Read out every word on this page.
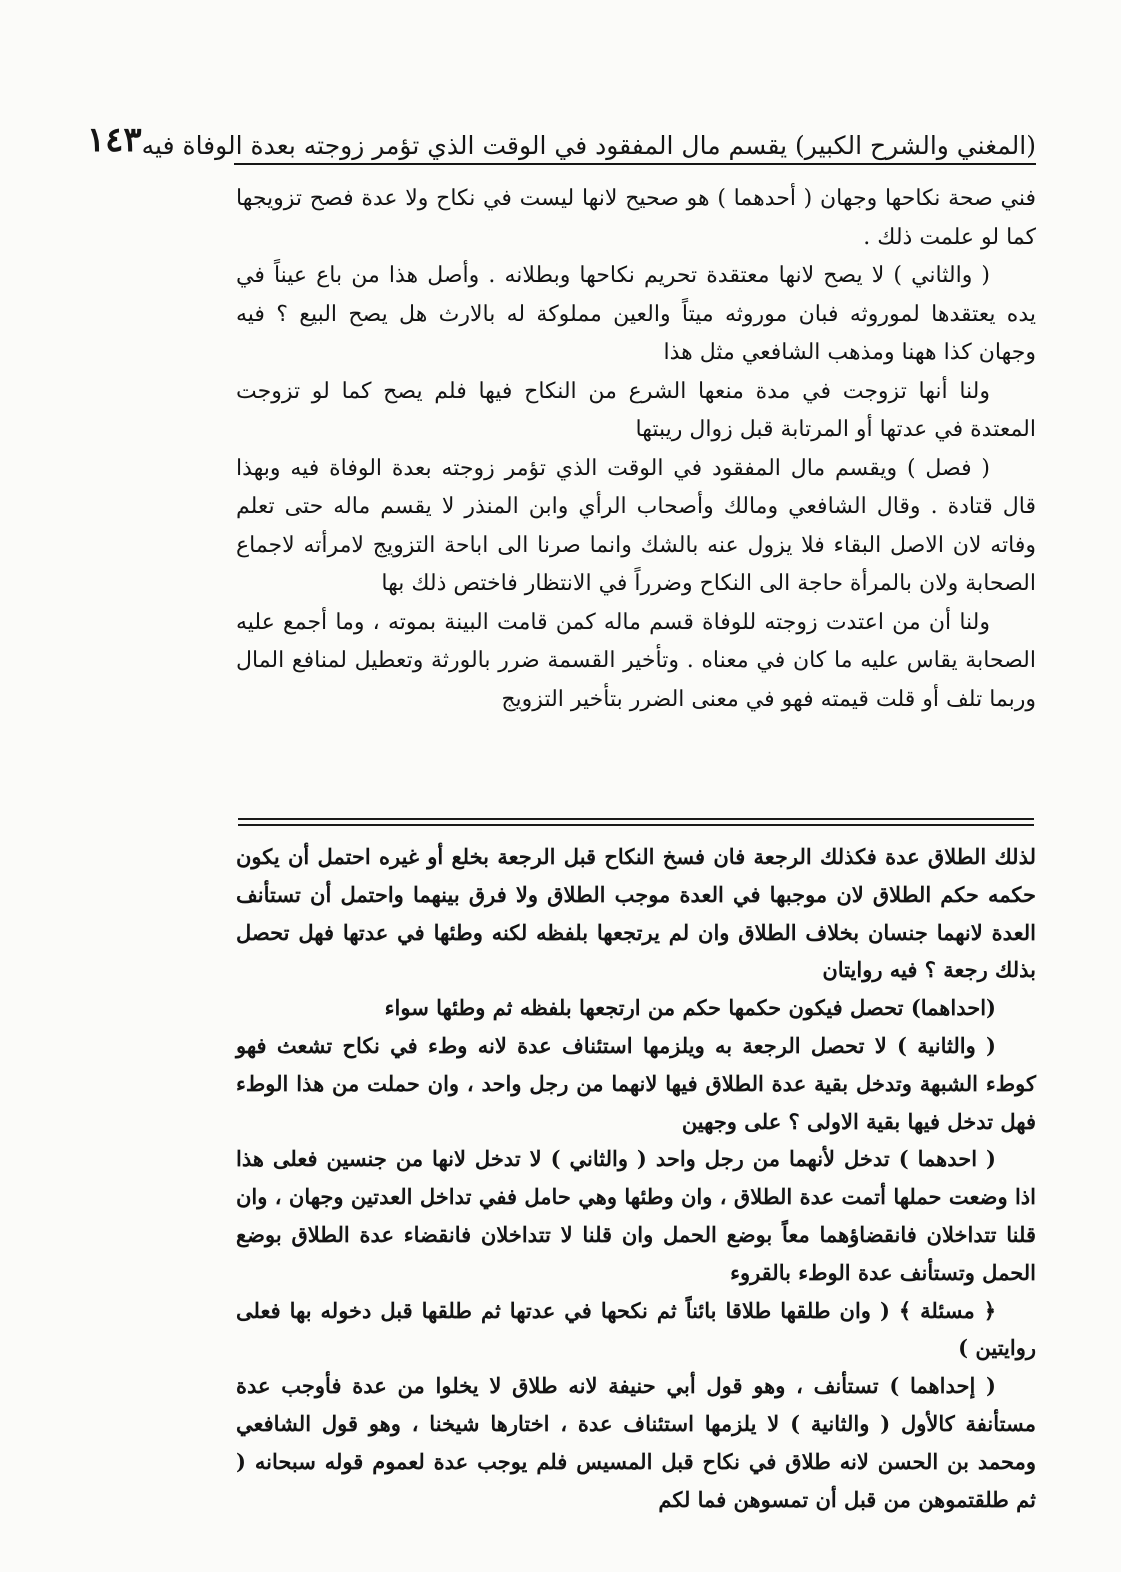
(المغني والشرح الكبير) يقسم مال المفقود في الوقت الذي تؤمر زوجته بعدة الوفاة فيه
١٤٣

فني صحة نكاحها وجهان ( أحدهما ) هو صحيح لانها ليست في نكاح ولا عدة فصح تزويجها كما لو علمت ذلك .

( والثاني ) لا يصح لانها معتقدة تحريم نكاحها وبطلانه . وأصل هذا من باع عيناً في يده يعتقدها لموروثه فبان موروثه ميتاً والعين مملوكة له بالارث هل يصح البيع ؟ فيه وجهان كذا ههنا ومذهب الشافعي مثل هذا

ولنا أنها تزوجت في مدة منعها الشرع من النكاح فيها فلم يصح كما لو تزوجت المعتدة في عدتها أو المرتابة قبل زوال ريبتها

( فصل ) ويقسم مال المفقود في الوقت الذي تؤمر زوجته بعدة الوفاة فيه وبهذا قال قتادة . وقال الشافعي ومالك وأصحاب الرأي وابن المنذر لا يقسم ماله حتى تعلم وفاته لان الاصل البقاء فلا يزول عنه بالشك وانما صرنا الى اباحة التزويج لامرأته لاجماع الصحابة ولان بالمرأة حاجة الى النكاح وضرراً في الانتظار فاختص ذلك بها

ولنا أن من اعتدت زوجته للوفاة قسم ماله كمن قامت البينة بموته ، وما أجمع عليه الصحابة يقاس عليه ما كان في معناه . وتأخير القسمة ضرر بالورثة وتعطيل لمنافع المال وربما تلف أو قلت قيمته فهو في معنى الضرر بتأخير التزويج

لذلك الطلاق عدة فكذلك الرجعة فان فسخ النكاح قبل الرجعة بخلع أو غيره احتمل أن يكون حكمه حكم الطلاق لان موجبها في العدة موجب الطلاق ولا فرق بينهما واحتمل أن تستأنف العدة لانهما جنسان بخلاف الطلاق وان لم يرتجعها بلفظه لكنه وطئها في عدتها فهل تحصل بذلك رجعة ؟ فيه روايتان

(احداهما) تحصل فيكون حكمها حكم من ارتجعها بلفظه ثم وطئها سواء

( والثانية ) لا تحصل الرجعة به ويلزمها استئناف عدة لانه وطء في نكاح تشعث فهو كوطء الشبهة وتدخل بقية عدة الطلاق فيها لانهما من رجل واحد ، وان حملت من هذا الوطء فهل تدخل فيها بقية الاولى ؟ على وجهين

( احدهما ) تدخل لأنهما من رجل واحد ( والثاني ) لا تدخل لانها من جنسين فعلى هذا اذا وضعت حملها أتمت عدة الطلاق ، وان وطئها وهي حامل ففي تداخل العدتين وجهان ، وان قلنا تتداخلان فانقضاؤهما معاً بوضع الحمل وان قلنا لا تتداخلان فانقضاء عدة الطلاق بوضع الحمل وتستأنف عدة الوطء بالقروء

﴿ مسئلة ﴾ ( وان طلقها طلاقا بائناً ثم نكحها في عدتها ثم طلقها قبل دخوله بها فعلى روايتين )

( إحداهما ) تستأنف ، وهو قول أبي حنيفة لانه طلاق لا يخلوا من عدة فأوجب عدة مستأنفة كالأول ( والثانية ) لا يلزمها استئناف عدة ، اختارها شيخنا ، وهو قول الشافعي ومحمد بن الحسن لانه طلاق في نكاح قبل المسيس فلم يوجب عدة لعموم قوله سبحانه ( ثم طلقتموهن من قبل أن تمسوهن فما لكم
